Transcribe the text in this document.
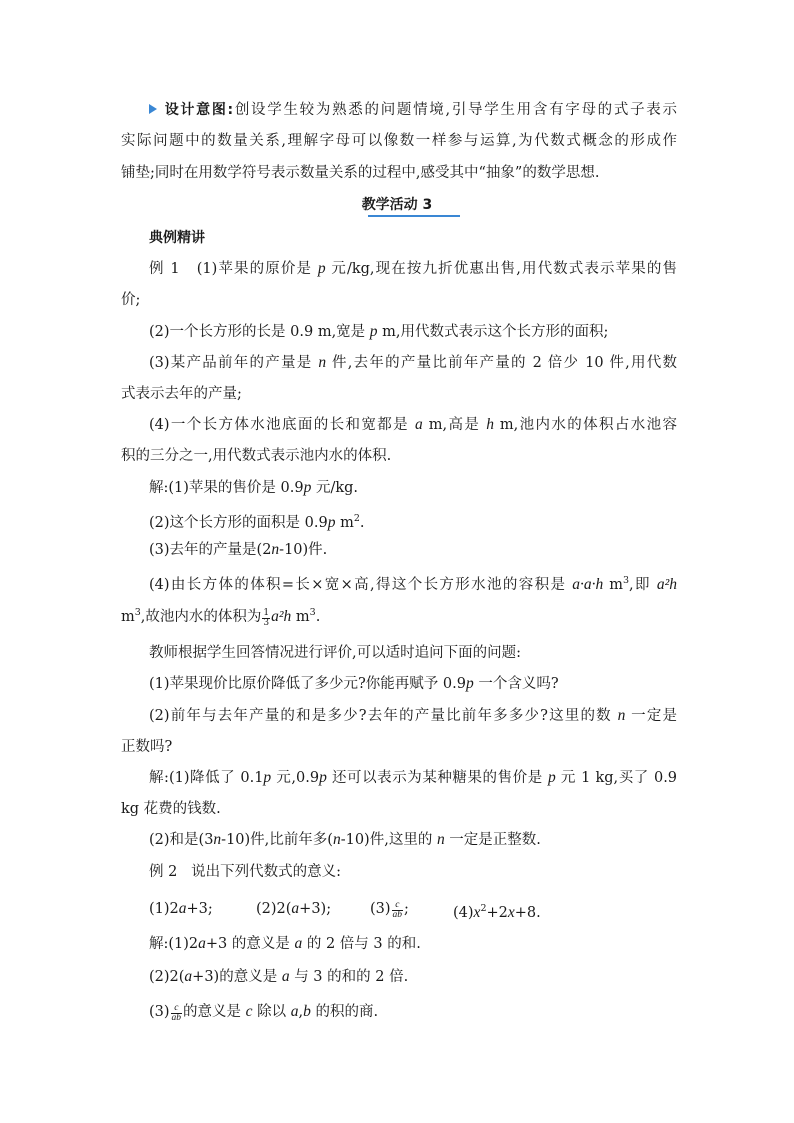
设计意图:创设学生较为熟悉的问题情境,引导学生用含有字母的式子表示
实际问题中的数量关系,理解字母可以像数一样参与运算,为代数式概念的形成作
铺垫;同时在用数学符号表示数量关系的过程中,感受其中“抽象”的数学思想.
教学活动 3
典例精讲
例 1 (1)苹果的原价是 p 元/kg,现在按九折优惠出售,用代数式表示苹果的售
价;
(2)一个长方形的长是 0.9 m,宽是 p m,用代数式表示这个长方形的面积;
(3)某产品前年的产量是 n 件,去年的产量比前年产量的 2 倍少 10 件,用代数
式表示去年的产量;
(4)一个长方体水池底面的长和宽都是 a m,高是 h m,池内水的体积占水池容
积的三分之一,用代数式表示池内水的体积.
解:(1)苹果的售价是 0.9p 元/kg.
(2)这个长方形的面积是 0.9p $m^2$.
(3)去年的产量是(2n-10)件.
(4)由长方体的体积=长×宽×高,得这个长方形水池的容积是 a·a·h $m^3$,即 a²h
$m^3$,故池内水的体积为 $\frac{1}{3} a^2h$ $m^3$.
教师根据学生回答情况进行评价,可以适时追问下面的问题:
(1)苹果现价比原价降低了多少元?你能再赋予 0.9p 一个含义吗?
(2)前年与去年产量的和是多少?去年的产量比前年多多少?这里的数 n 一定是
正数吗?
解:(1)降低了 0.1p 元,0.9p 还可以表示为某种糖果的售价是 p 元 1 kg,买了 0.9
kg 花费的钱数.
(2)和是(3n-10)件,比前年多(n-10)件,这里的 n 一定是正整数.
例 2 说出下列代数式的意义:
(1)2a+3;	(2)2(a+3);	$(3) \frac{c}{ab}$ ;	$(4)x^2+2x+8$.
解:(1)2a+3 的意义是 a 的 2 倍与 3 的和.
(2)2(a+3)的意义是 a 与 3 的和的 2 倍.
$(3) \frac{c}{ab}$ 的意义是 c 除以 a,b 的积的商.
